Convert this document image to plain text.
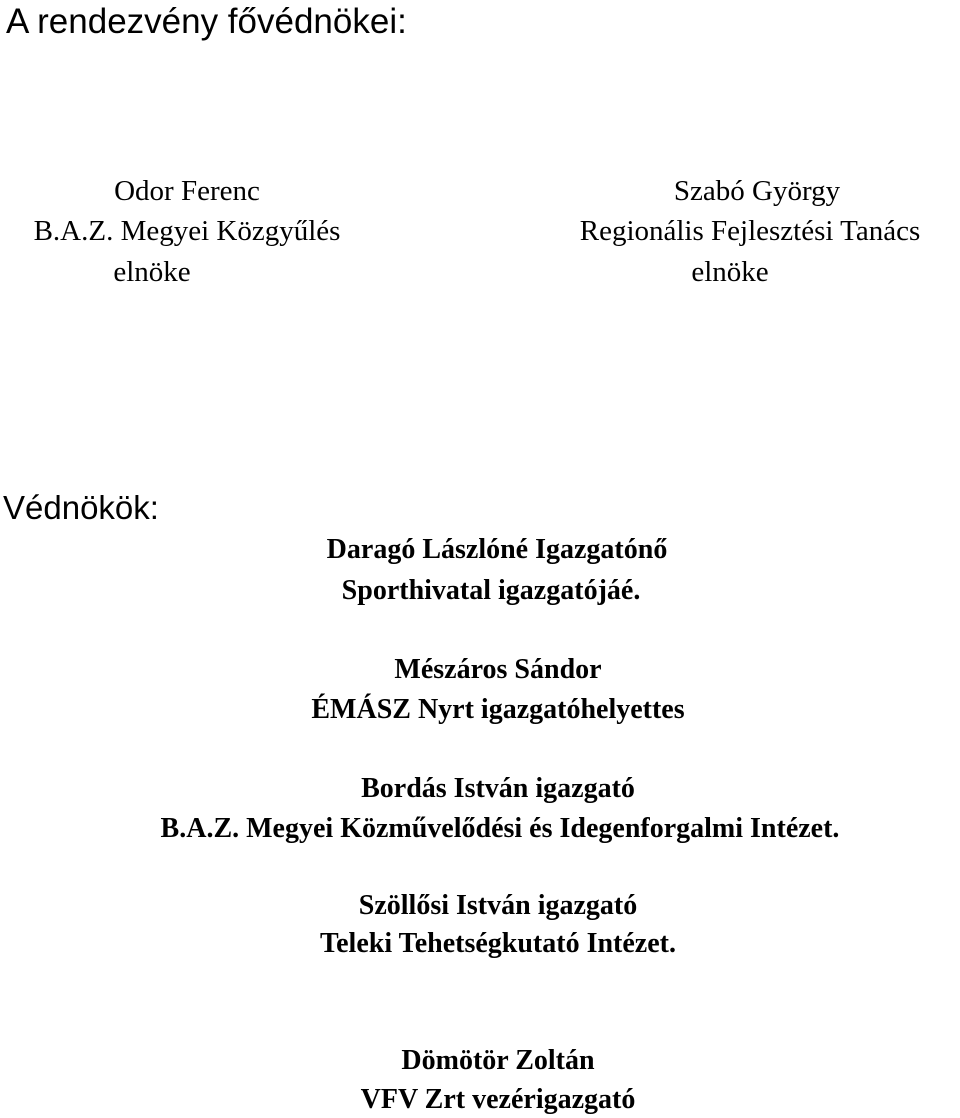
A rendezvény fővédnökei:
Odor Ferenc
B.A.Z. Megyei Közgyűlés
elnöke
Szabó György
Regionális Fejlesztési Tanács
elnöke
Védnökök:
Daragó Lászlóné Igazgatónő
Sporthivatal igazgatójáé.
Mészáros Sándor
ÉMÁSZ Nyrt igazgatóhelyettes
Bordás István igazgató
B.A.Z. Megyei Közművelődési és Idegenforgalmi Intézet.
Szöllősi István igazgató
Teleki Tehetségkutató Intézet.
Dömötör Zoltán
VFV Zrt vezérigazgató
